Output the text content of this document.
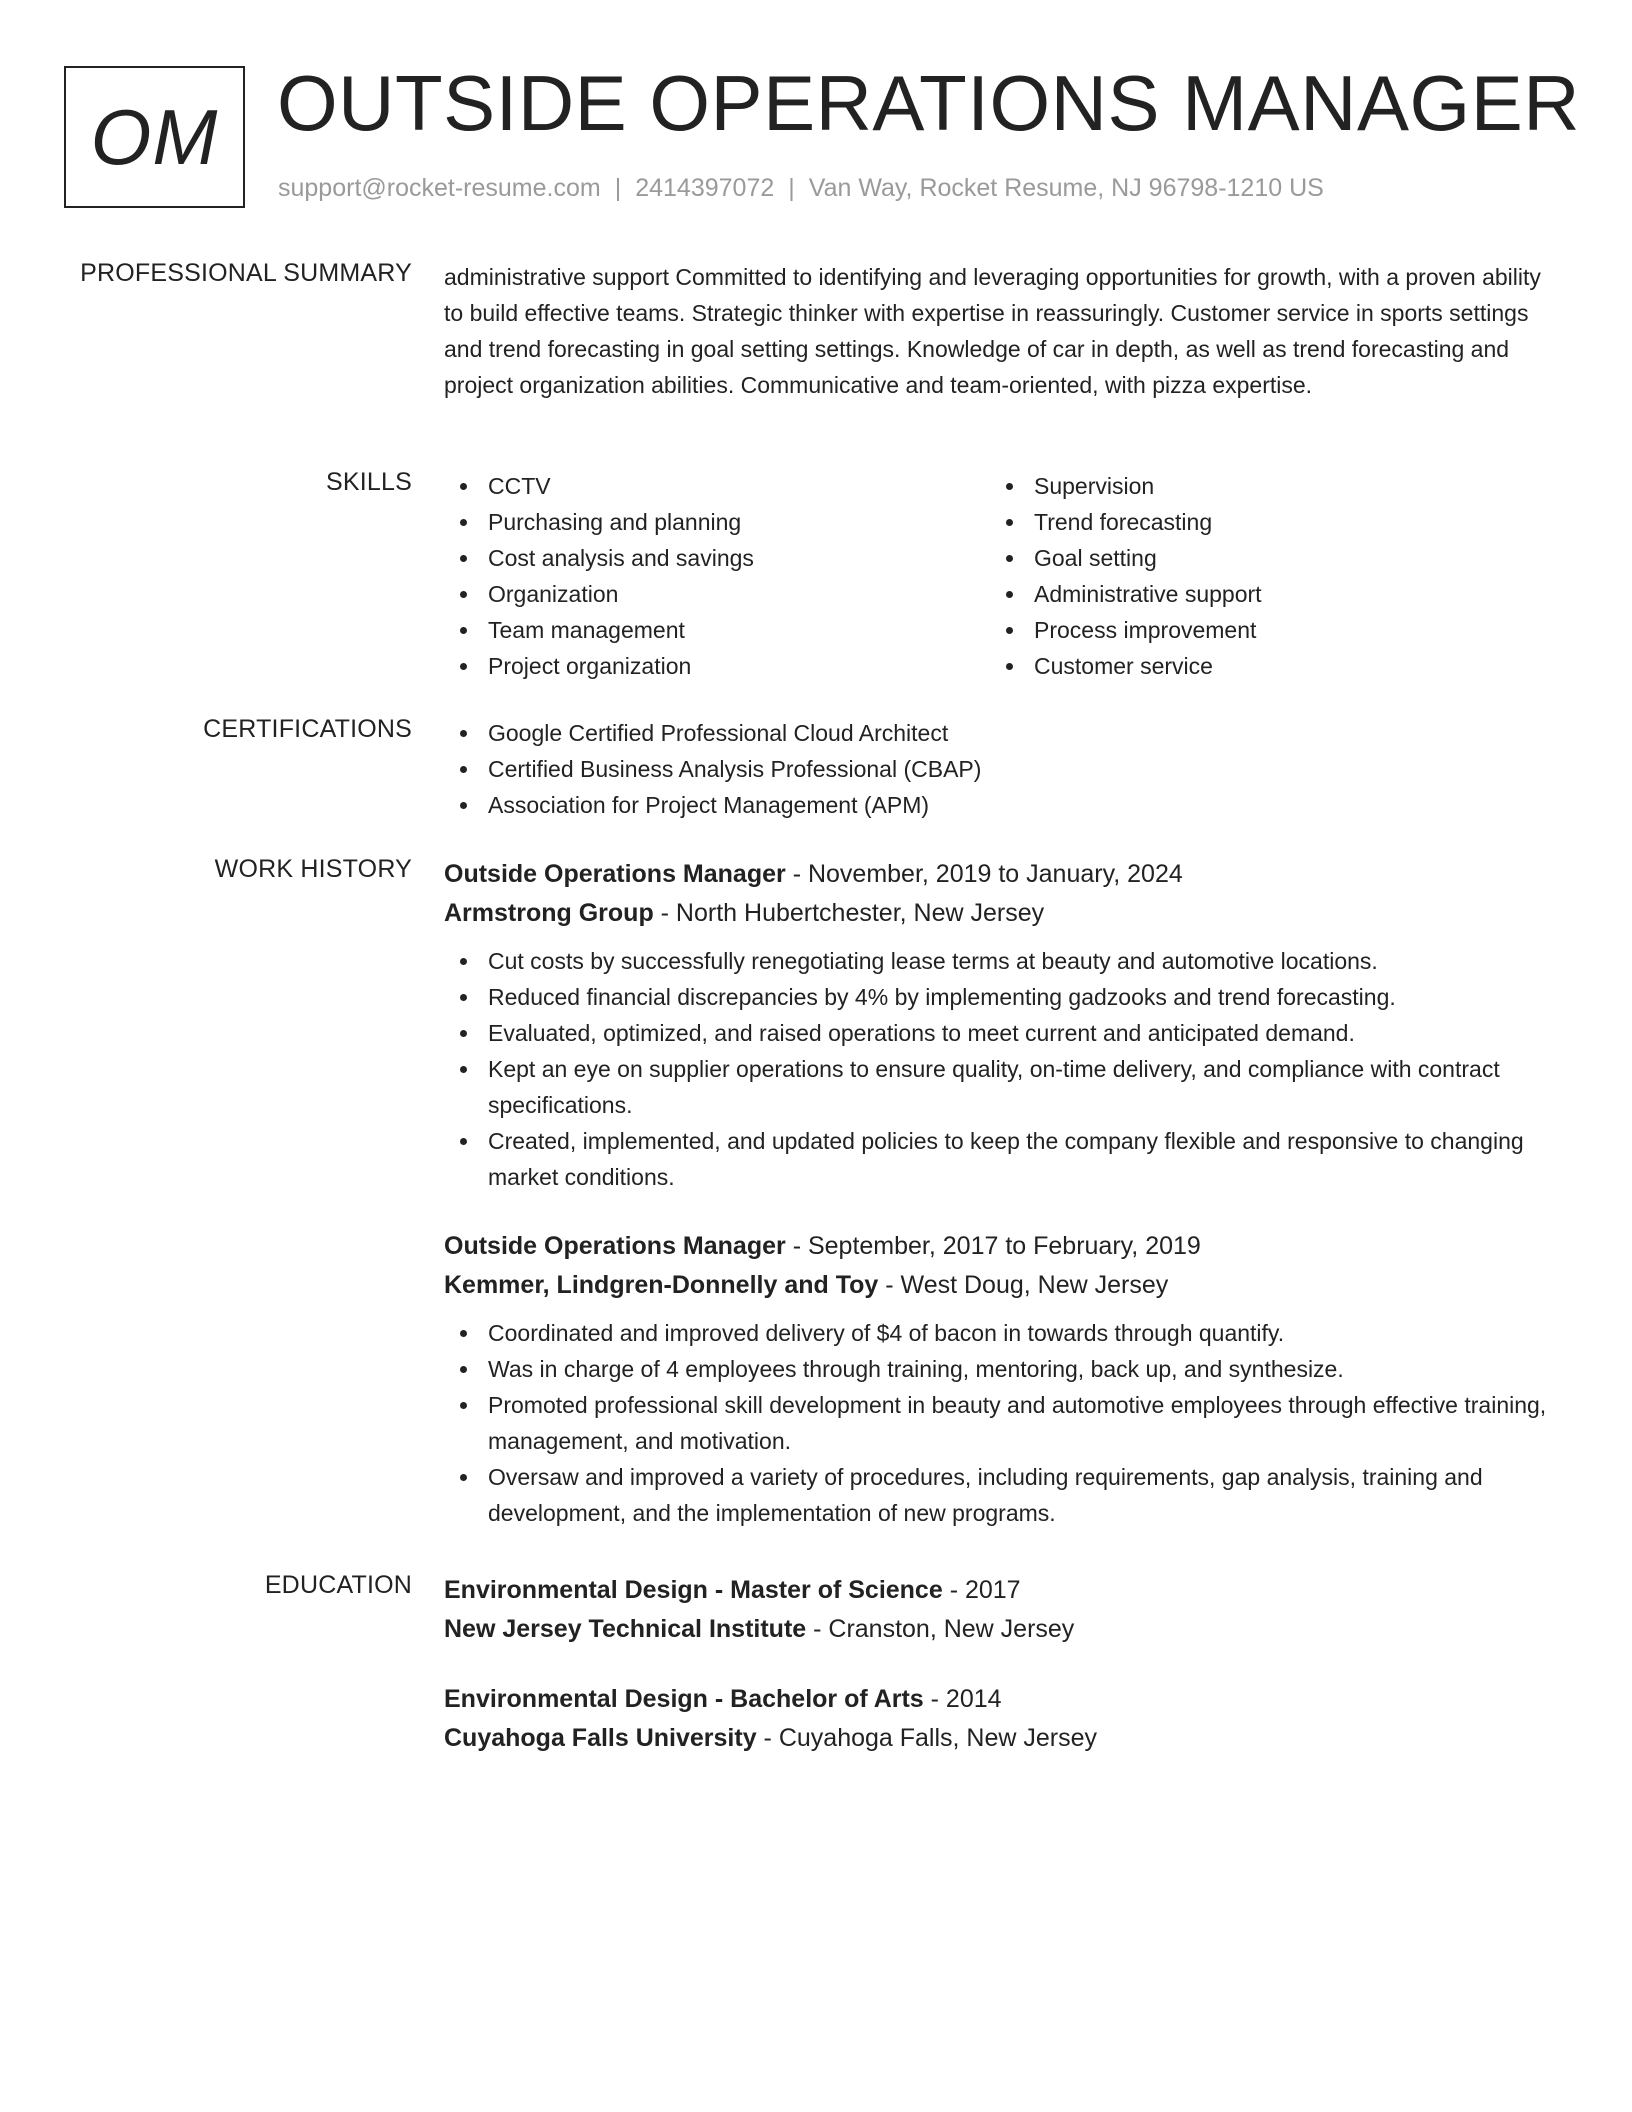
OM OUTSIDE OPERATIONS MANAGER
support@rocket-resume.com | 2414397072 | Van Way, Rocket Resume, NJ 96798-1210 US
PROFESSIONAL SUMMARY administrative support Committed to identifying and leveraging opportunities for growth, with a proven ability to build effective teams. Strategic thinker with expertise in reassuringly. Customer service in sports settings and trend forecasting in goal setting settings. Knowledge of car in depth, as well as trend forecasting and project organization abilities. Communicative and team-oriented, with pizza expertise.

SKILLS	CCTV
Purchasing and planning
Cost analysis and savings
Organization
Team management
Project organization
Supervision
Trend forecasting
Goal setting
Administrative support
Process improvement
Customer service
CERTIFICATIONS	Google Certified Professional Cloud Architect
Certified Business Analysis Professional (CBAP)
Association for Project Management (APM)
WORK HISTORY Outside Operations Manager - November, 2019 to January, 2024
Armstrong Group - North Hubertchester, New Jersey
Cut costs by successfully renegotiating lease terms at beauty and automotive locations.
Reduced financial discrepancies by 4% by implementing gadzooks and trend forecasting.
Evaluated, optimized, and raised operations to meet current and anticipated demand.
Kept an eye on supplier operations to ensure quality, on-time delivery, and compliance with contract specifications.
Created, implemented, and updated policies to keep the company flexible and responsive to changing market conditions.
Outside Operations Manager - September, 2017 to February, 2019
Kemmer, Lindgren-Donnelly and Toy - West Doug, New Jersey
Coordinated and improved delivery of $4 of bacon in towards through quantify.
Was in charge of 4 employees through training, mentoring, back up, and synthesize.
Promoted professional skill development in beauty and automotive employees through effective training, management, and motivation.
Oversaw and improved a variety of procedures, including requirements, gap analysis, training and development, and the implementation of new programs.
EDUCATION Environmental Design - Master of Science - 2017
New Jersey Technical Institute - Cranston, New Jersey
Environmental Design - Bachelor of Arts - 2014
Cuyahoga Falls University - Cuyahoga Falls, New Jersey
